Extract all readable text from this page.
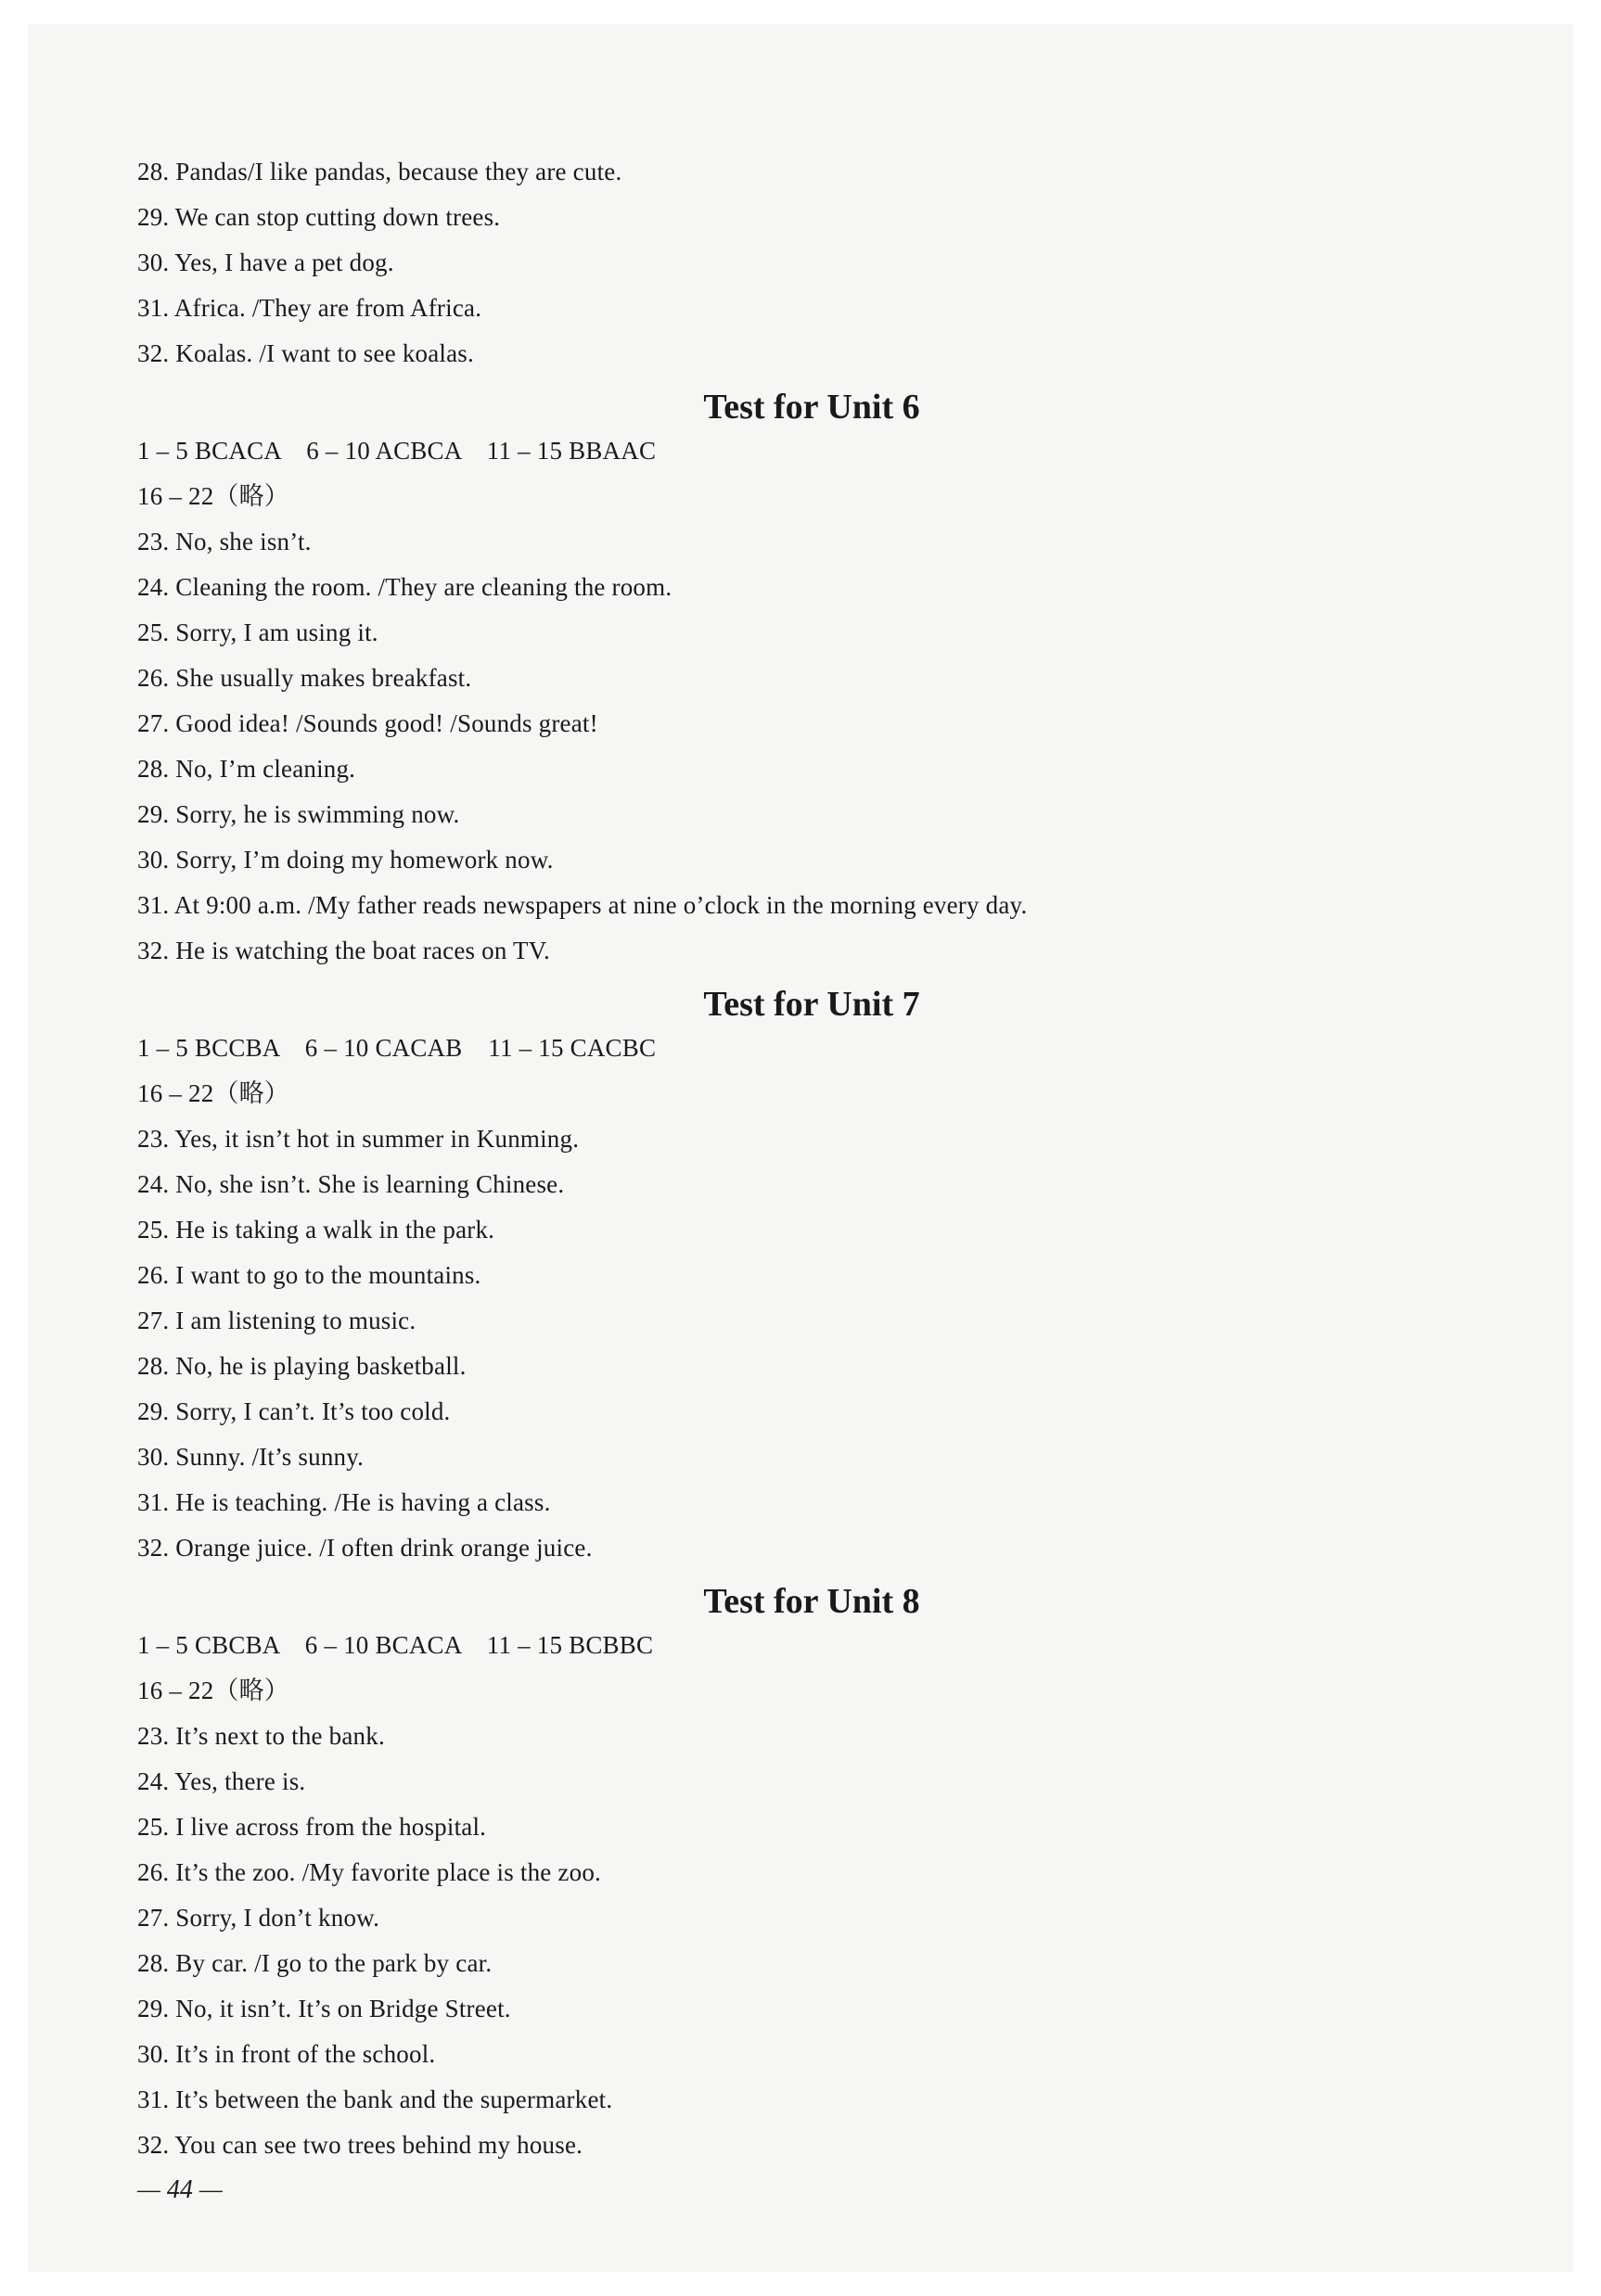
28. Pandas/I like pandas, because they are cute.
29. We can stop cutting down trees.
30. Yes, I have a pet dog.
31. Africa. /They are from Africa.
32. Koalas. /I want to see koalas.
Test for Unit 6
1 – 5 BCACA    6 – 10 ACBCA    11 – 15 BBAAC
16 – 22（略）
23. No, she isn’t.
24. Cleaning the room. /They are cleaning the room.
25. Sorry, I am using it.
26. She usually makes breakfast.
27. Good idea! /Sounds good! /Sounds great!
28. No, I’m cleaning.
29. Sorry, he is swimming now.
30. Sorry, I’m doing my homework now.
31. At 9:00 a.m. /My father reads newspapers at nine o’clock in the morning every day.
32. He is watching the boat races on TV.
Test for Unit 7
1 – 5 BCCBA    6 – 10 CACAB    11 – 15 CACBC
16 – 22（略）
23. Yes, it isn’t hot in summer in Kunming.
24. No, she isn’t. She is learning Chinese.
25. He is taking a walk in the park.
26. I want to go to the mountains.
27. I am listening to music.
28. No, he is playing basketball.
29. Sorry, I can’t. It’s too cold.
30. Sunny. /It’s sunny.
31. He is teaching. /He is having a class.
32. Orange juice. /I often drink orange juice.
Test for Unit 8
1 – 5 CBCBA    6 – 10 BCACA    11 – 15 BCBBC
16 – 22（略）
23. It’s next to the bank.
24. Yes, there is.
25. I live across from the hospital.
26. It’s the zoo. /My favorite place is the zoo.
27. Sorry, I don’t know.
28. By car. /I go to the park by car.
29. No, it isn’t. It’s on Bridge Street.
30. It’s in front of the school.
31. It’s between the bank and the supermarket.
32. You can see two trees behind my house.
— 44 —
